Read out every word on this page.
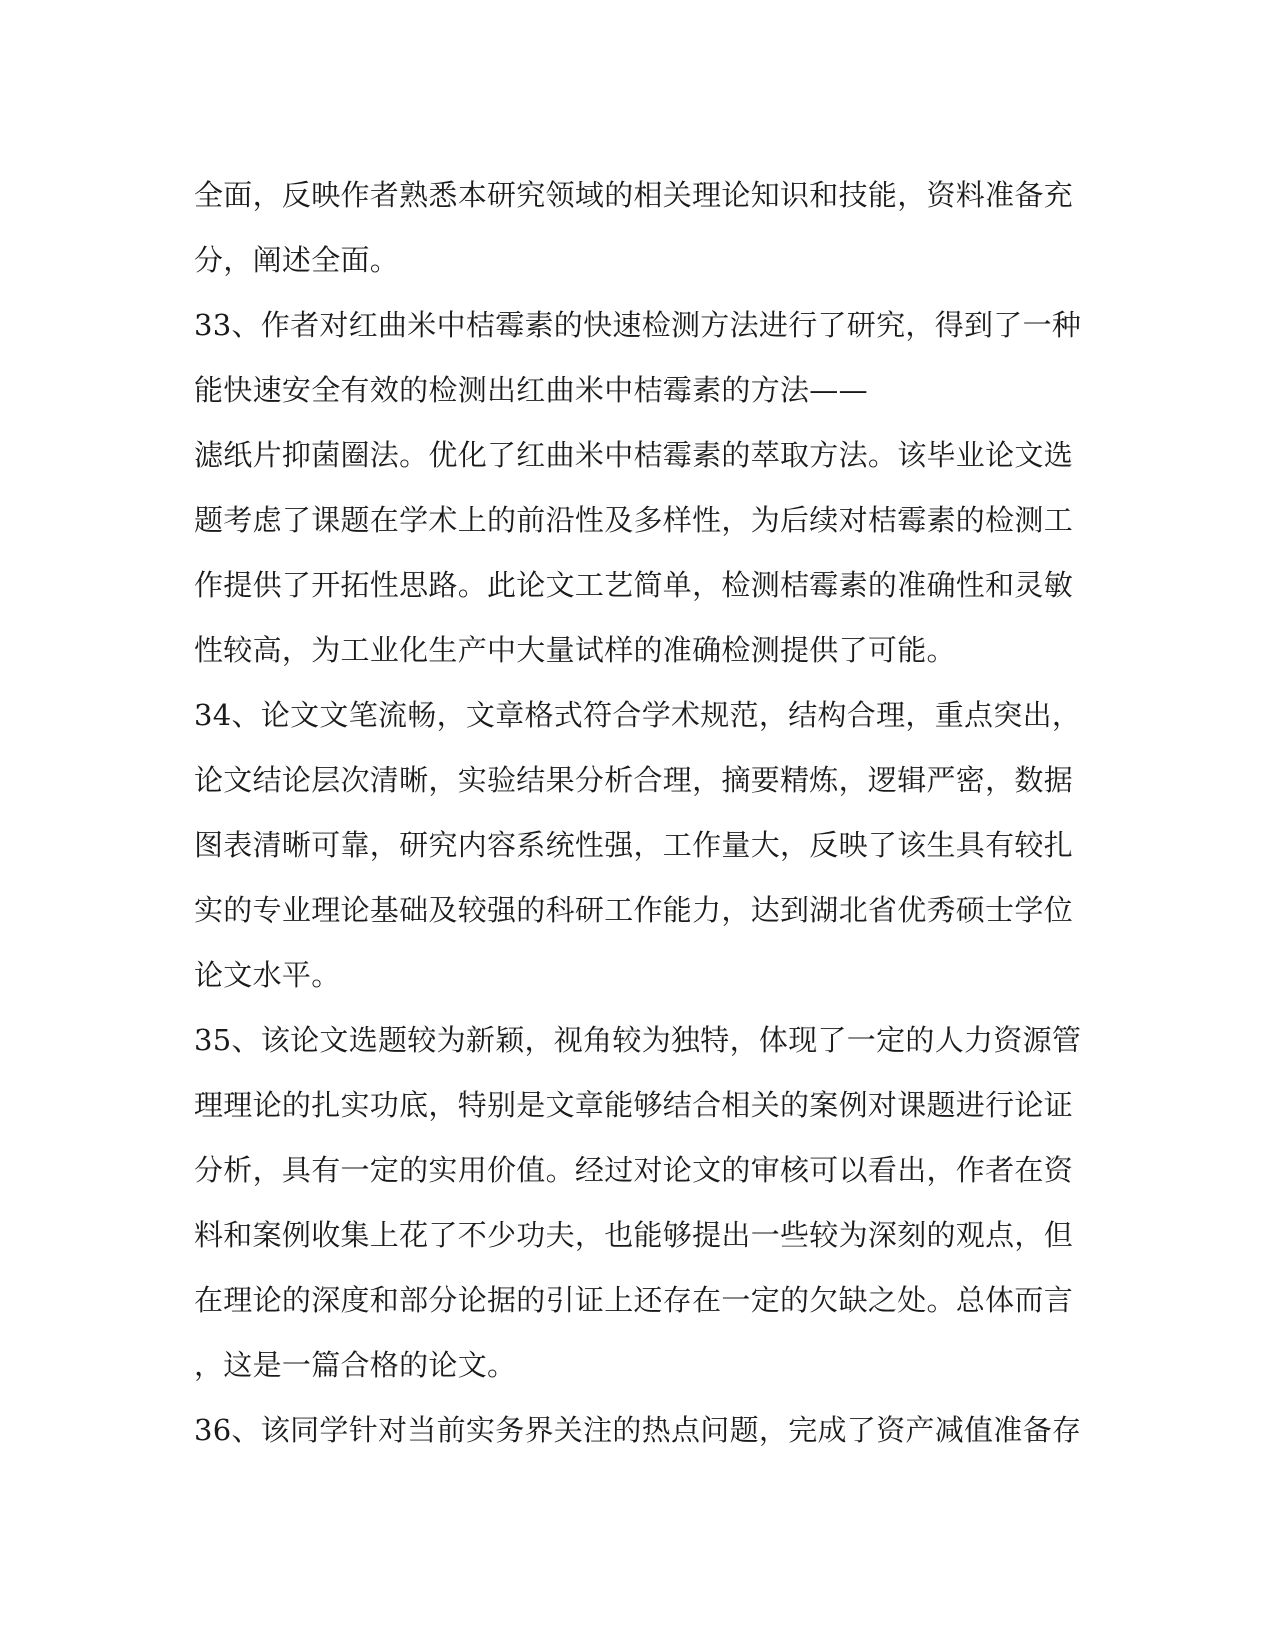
全面，反映作者熟悉本研究领域的相关理论知识和技能，资料准备充
分，阐述全面。
33、作者对红曲米中桔霉素的快速检测方法进行了研究，得到了一种
能快速安全有效的检测出红曲米中桔霉素的方法——
滤纸片抑菌圈法。优化了红曲米中桔霉素的萃取方法。该毕业论文选
题考虑了课题在学术上的前沿性及多样性，为后续对桔霉素的检测工
作提供了开拓性思路。此论文工艺简单，检测桔霉素的准确性和灵敏
性较高，为工业化生产中大量试样的准确检测提供了可能。
34、论文文笔流畅，文章格式符合学术规范，结构合理，重点突出，
论文结论层次清晰，实验结果分析合理，摘要精炼，逻辑严密，数据
图表清晰可靠，研究内容系统性强，工作量大，反映了该生具有较扎
实的专业理论基础及较强的科研工作能力，达到湖北省优秀硕士学位
论文水平。
35、该论文选题较为新颖，视角较为独特，体现了一定的人力资源管
理理论的扎实功底，特别是文章能够结合相关的案例对课题进行论证
分析，具有一定的实用价值。经过对论文的审核可以看出，作者在资
料和案例收集上花了不少功夫，也能够提出一些较为深刻的观点，但
在理论的深度和部分论据的引证上还存在一定的欠缺之处。总体而言
，这是一篇合格的论文。
36、该同学针对当前实务界关注的热点问题，完成了资产减值准备存
